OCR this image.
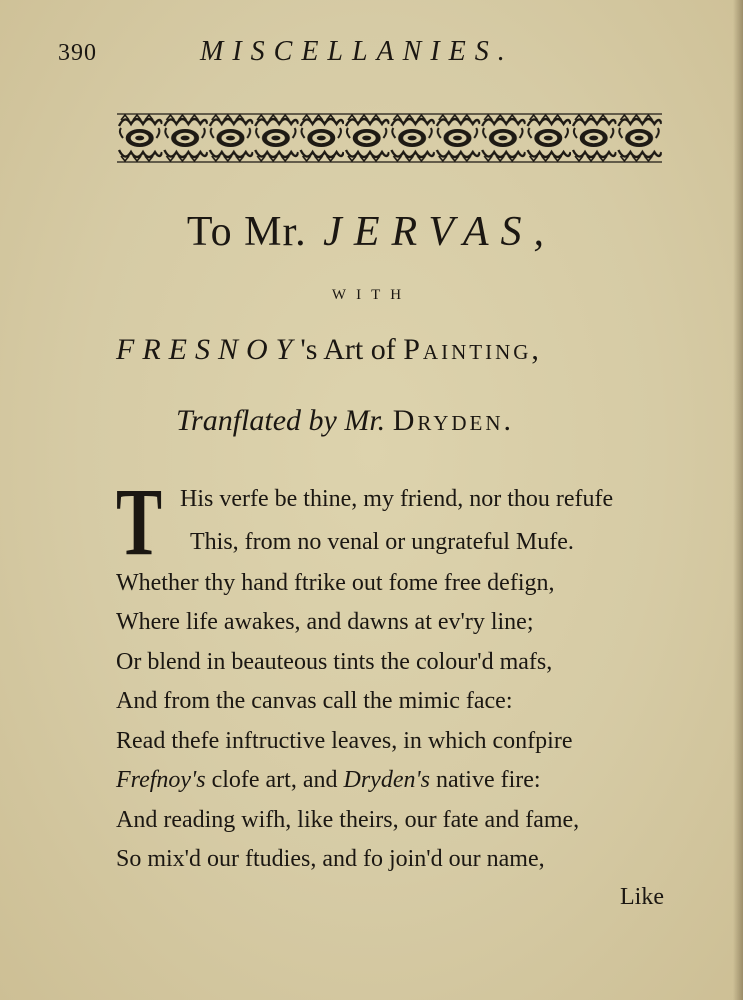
390	MISCELLANIES.
To Mr. JERVAS,
WITH
FRESNOY's Art of Painting,
Tranflated by Mr. Dryden.
T His verfe be thine, my friend, nor thou refufe
This, from no venal or ungrateful Mufe.
Whether thy hand ftrike out fome free defign,
Where life awakes, and dawns at ev'ry line;
Or blend in beauteous tints the colour'd mafs,
And from the canvas call the mimic face:
Read thefe inftructive leaves, in which confpire
Frefnoy's clofe art, and Dryden's native fire:
And reading wifh, like theirs, our fate and fame,
So mix'd our ftudies, and fo join'd our name,
Like
